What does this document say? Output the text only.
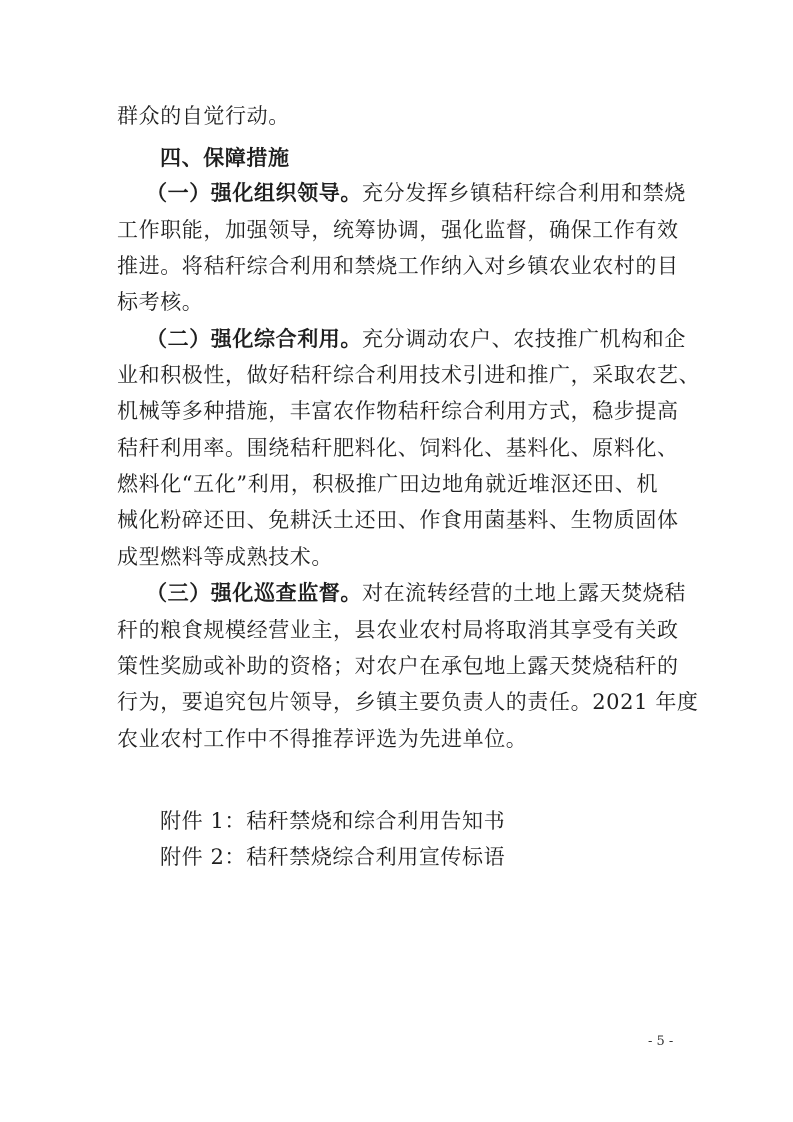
群众的自觉行动。
四、保障措施
（一）强化组织领导。充分发挥乡镇秸秆综合利用和禁烧
工作职能，加强领导，统筹协调，强化监督，确保工作有效
推进。将秸秆综合利用和禁烧工作纳入对乡镇农业农村的目
标考核。
（二）强化综合利用。充分调动农户、农技推广机构和企
业和积极性，做好秸秆综合利用技术引进和推广，采取农艺、
机械等多种措施，丰富农作物秸秆综合利用方式，稳步提高
秸秆利用率。围绕秸秆肥料化、饲料化、基料化、原料化、
燃料化“五化”利用，积极推广田边地角就近堆沤还田、机
械化粉碎还田、免耕沃土还田、作食用菌基料、生物质固体
成型燃料等成熟技术。
（三）强化巡查监督。对在流转经营的土地上露天焚烧秸
秆的粮食规模经营业主，县农业农村局将取消其享受有关政
策性奖励或补助的资格；对农户在承包地上露天焚烧秸秆的
行为，要追究包片领导，乡镇主要负责人的责任。2021 年度
农业农村工作中不得推荐评选为先进单位。
附件 1：秸秆禁烧和综合利用告知书
附件 2：秸秆禁烧综合利用宣传标语
- 5 -
